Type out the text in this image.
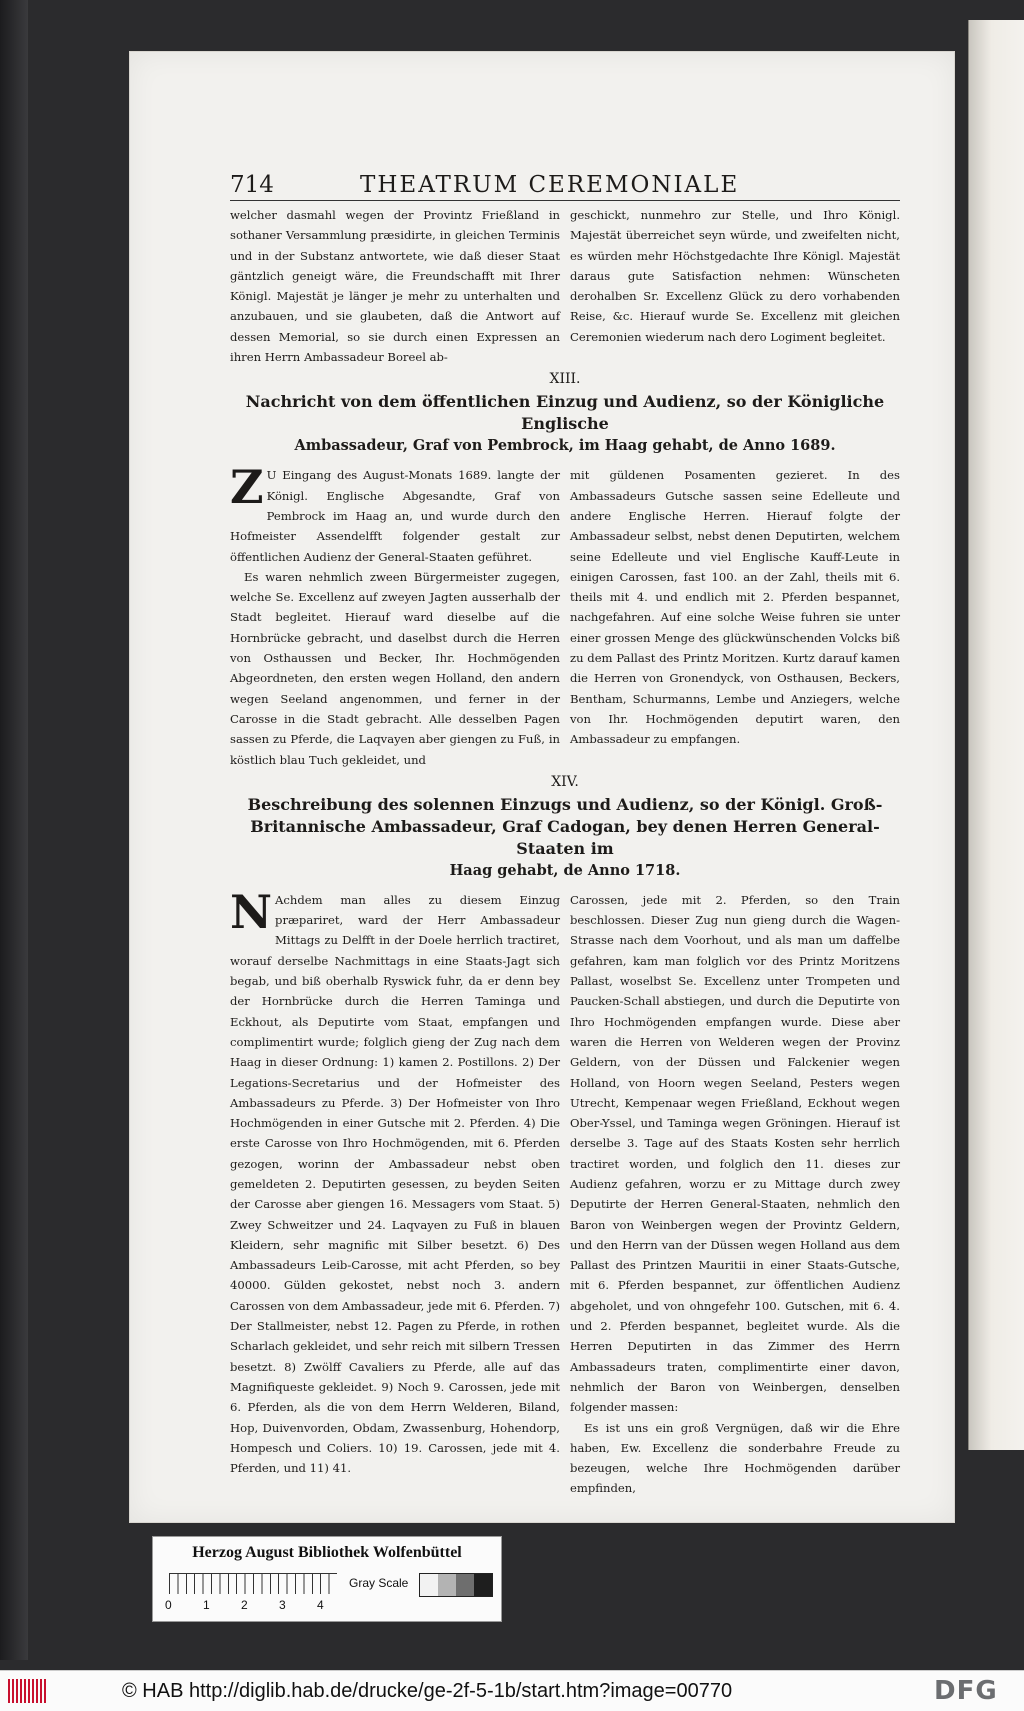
714	THEATRUM CEREMONIALE

welcher dasmahl wegen der Provintz Frießland in sothaner Versammlung præsidirte, in gleichen Terminis und in der Substanz antwortete, wie daß dieser Staat gäntzlich geneigt wäre, die Freundschafft mit Ihrer Königl. Majestät je länger je mehr zu unterhalten und anzubauen, und sie glaubeten, daß die Antwort auf dessen Memorial, so sie durch einen Expressen an ihren Herrn Ambassadeur Boreel ab-

geschickt, nunmehro zur Stelle, und Ihro Königl. Majestät überreichet seyn würde, und zweifelten nicht, es würden mehr Höchstgedachte Ihre Königl. Majestät daraus gute Satisfaction nehmen: Wünscheten derohalben Sr. Excellenz Glück zu dero vorhabenden Reise, &c. Hierauf wurde Se. Excellenz mit gleichen Ceremonien wiederum nach dero Logiment begleitet.

XIII.
Nachricht von dem öffentlichen Einzug und Audienz, so der Königliche Englische
Ambassadeur, Graf von Pembrock, im Haag gehabt, de Anno 1689.

Z U Eingang des August-Monats 1689. langte der Königl. Englische Abgesandte, Graf von Pembrock im Haag an, und wurde durch den Hofmeister Assendelfft folgender gestalt zur öffentlichen Audienz der General-Staaten geführet.

Es waren nehmlich zween Bürgermeister zugegen, welche Se. Excellenz auf zweyen Jagten ausserhalb der Stadt begleitet. Hierauf ward dieselbe auf die Hornbrücke gebracht, und daselbst durch die Herren von Osthaussen und Becker, Ihr. Hochmögenden Abgeordneten, den ersten wegen Holland, den andern wegen Seeland angenommen, und ferner in der Carosse in die Stadt gebracht. Alle desselben Pagen sassen zu Pferde, die Laqvayen aber giengen zu Fuß, in köstlich blau Tuch gekleidet, und

mit güldenen Posamenten gezieret. In des Ambassadeurs Gutsche sassen seine Edelleute und andere Englische Herren. Hierauf folgte der Ambassadeur selbst, nebst denen Deputirten, welchem seine Edelleute und viel Englische Kauff-Leute in einigen Carossen, fast 100. an der Zahl, theils mit 6. theils mit 4. und endlich mit 2. Pferden bespannet, nachgefahren. Auf eine solche Weise fuhren sie unter einer grossen Menge des glückwünschenden Volcks biß zu dem Pallast des Printz Moritzen. Kurtz darauf kamen die Herren von Gronendyck, von Osthausen, Beckers, Bentham, Schurmanns, Lembe und Anziegers, welche von Ihr. Hochmögenden deputirt waren, den Ambassadeur zu empfangen.

XIV.
Beschreibung des solennen Einzugs und Audienz, so der Königl. Groß-Britannische Ambassadeur, Graf Cadogan, bey denen Herren General-Staaten im
Haag gehabt, de Anno 1718.

N Achdem man alles zu diesem Einzug præpariret, ward der Herr Ambassadeur Mittags zu Delfft in der Doele herrlich tractiret, worauf derselbe Nachmittags in eine Staats-Jagt sich begab, und biß oberhalb Ryswick fuhr, da er denn bey der Hornbrücke durch die Herren Taminga und Eckhout, als Deputirte vom Staat, empfangen und complimentirt wurde; folglich gieng der Zug nach dem Haag in dieser Ordnung: 1) kamen 2. Postillons. 2) Der Legations-Secretarius und der Hofmeister des Ambassadeurs zu Pferde. 3) Der Hofmeister von Ihro Hochmögenden in einer Gutsche mit 2. Pferden. 4) Die erste Carosse von Ihro Hochmögenden, mit 6. Pferden gezogen, worinn der Ambassadeur nebst oben gemeldeten 2. Deputirten gesessen, zu beyden Seiten der Carosse aber giengen 16. Messagers vom Staat. 5) Zwey Schweitzer und 24. Laqvayen zu Fuß in blauen Kleidern, sehr magnific mit Silber besetzt. 6) Des Ambassadeurs Leib-Carosse, mit acht Pferden, so bey 40000. Gülden gekostet, nebst noch 3. andern Carossen von dem Ambassadeur, jede mit 6. Pferden. 7) Der Stallmeister, nebst 12. Pagen zu Pferde, in rothen Scharlach gekleidet, und sehr reich mit silbern Tressen besetzt. 8) Zwölff Cavaliers zu Pferde, alle auf das Magnifiqueste gekleidet. 9) Noch 9. Carossen, jede mit 6. Pferden, als die von dem Herrn Welderen, Biland, Hop, Duivenvorden, Obdam, Zwassenburg, Hohendorp, Hompesch und Coliers. 10) 19. Carossen, jede mit 4. Pferden, und 11) 41.

Carossen, jede mit 2. Pferden, so den Train beschlossen. Dieser Zug nun gieng durch die Wagen-Strasse nach dem Voorhout, und als man um daffelbe gefahren, kam man folglich vor des Printz Moritzens Pallast, woselbst Se. Excellenz unter Trompeten und Paucken-Schall abstiegen, und durch die Deputirte von Ihro Hochmögenden empfangen wurde. Diese aber waren die Herren von Welderen wegen der Provinz Geldern, von der Düssen und Falckenier wegen Holland, von Hoorn wegen Seeland, Pesters wegen Utrecht, Kempenaar wegen Frießland, Eckhout wegen Ober-Yssel, und Taminga wegen Gröningen. Hierauf ist derselbe 3. Tage auf des Staats Kosten sehr herrlich tractiret worden, und folglich den 11. dieses zur Audienz gefahren, worzu er zu Mittage durch zwey Deputirte der Herren General-Staaten, nehmlich den Baron von Weinbergen wegen der Provintz Geldern, und den Herrn van der Düssen wegen Holland aus dem Pallast des Printzen Mauritii in einer Staats-Gutsche, mit 6. Pferden bespannet, zur öffentlichen Audienz abgeholet, und von ohngefehr 100. Gutschen, mit 6. 4. und 2. Pferden bespannet, begleitet wurde. Als die Herren Deputirten in das Zimmer des Herrn Ambassadeurs traten, complimentirte einer davon, nehmlich der Baron von Weinbergen, denselben folgender massen:

Es ist uns ein groß Vergnügen, daß wir die Ehre haben, Ew. Excellenz die sonderbahre Freude zu bezeugen, welche Ihre Hochmögenden darüber empfinden,

Herzog August Bibliothek Wolfenbüttel
0	1	2	3	4
Gray Scale
© HAB http://diglib.hab.de/drucke/ge-2f-5-1b/start.htm?image=00770	DFG
